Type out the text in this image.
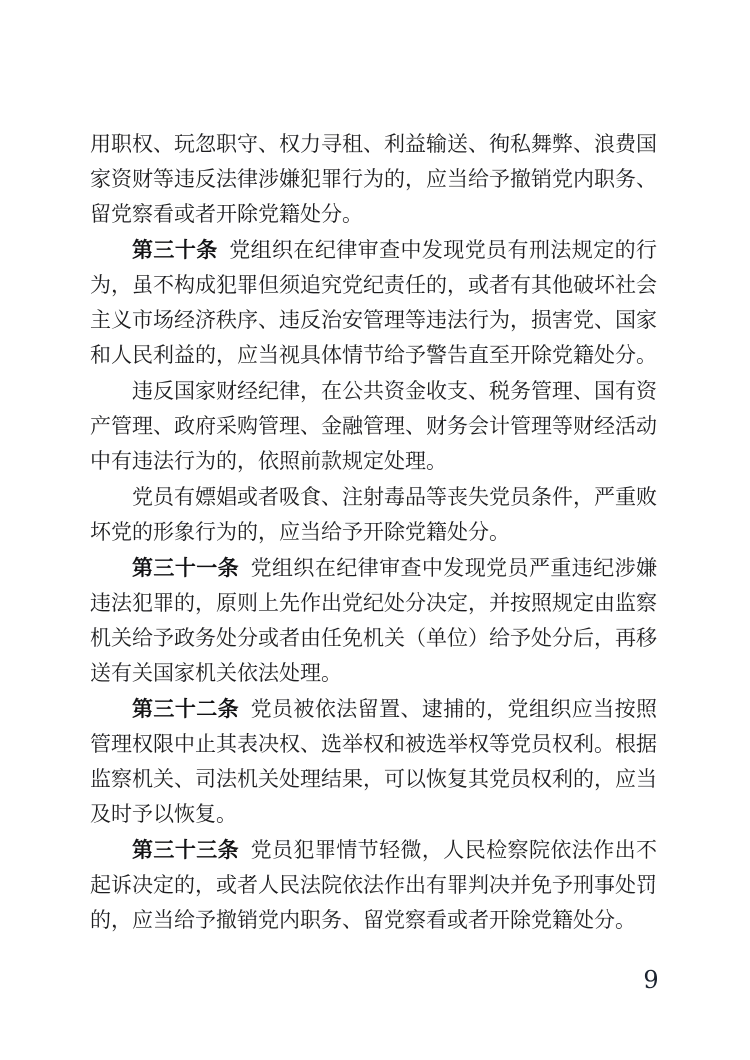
用职权、玩忽职守、权力寻租、利益输送、徇私舞弊、浪费国家资财等违反法律涉嫌犯罪行为的，应当给予撤销党内职务、留党察看或者开除党籍处分。

第三十条 党组织在纪律审查中发现党员有刑法规定的行为，虽不构成犯罪但须追究党纪责任的，或者有其他破坏社会主义市场经济秩序、违反治安管理等违法行为，损害党、国家和人民利益的，应当视具体情节给予警告直至开除党籍处分。

违反国家财经纪律，在公共资金收支、税务管理、国有资产管理、政府采购管理、金融管理、财务会计管理等财经活动中有违法行为的，依照前款规定处理。

党员有嫖娼或者吸食、注射毒品等丧失党员条件，严重败坏党的形象行为的，应当给予开除党籍处分。

第三十一条 党组织在纪律审查中发现党员严重违纪涉嫌违法犯罪的，原则上先作出党纪处分决定，并按照规定由监察机关给予政务处分或者由任免机关（单位）给予处分后，再移送有关国家机关依法处理。

第三十二条 党员被依法留置、逮捕的，党组织应当按照管理权限中止其表决权、选举权和被选举权等党员权利。根据监察机关、司法机关处理结果，可以恢复其党员权利的，应当及时予以恢复。

第三十三条 党员犯罪情节轻微，人民检察院依法作出不起诉决定的，或者人民法院依法作出有罪判决并免予刑事处罚的，应当给予撤销党内职务、留党察看或者开除党籍处分。

9
